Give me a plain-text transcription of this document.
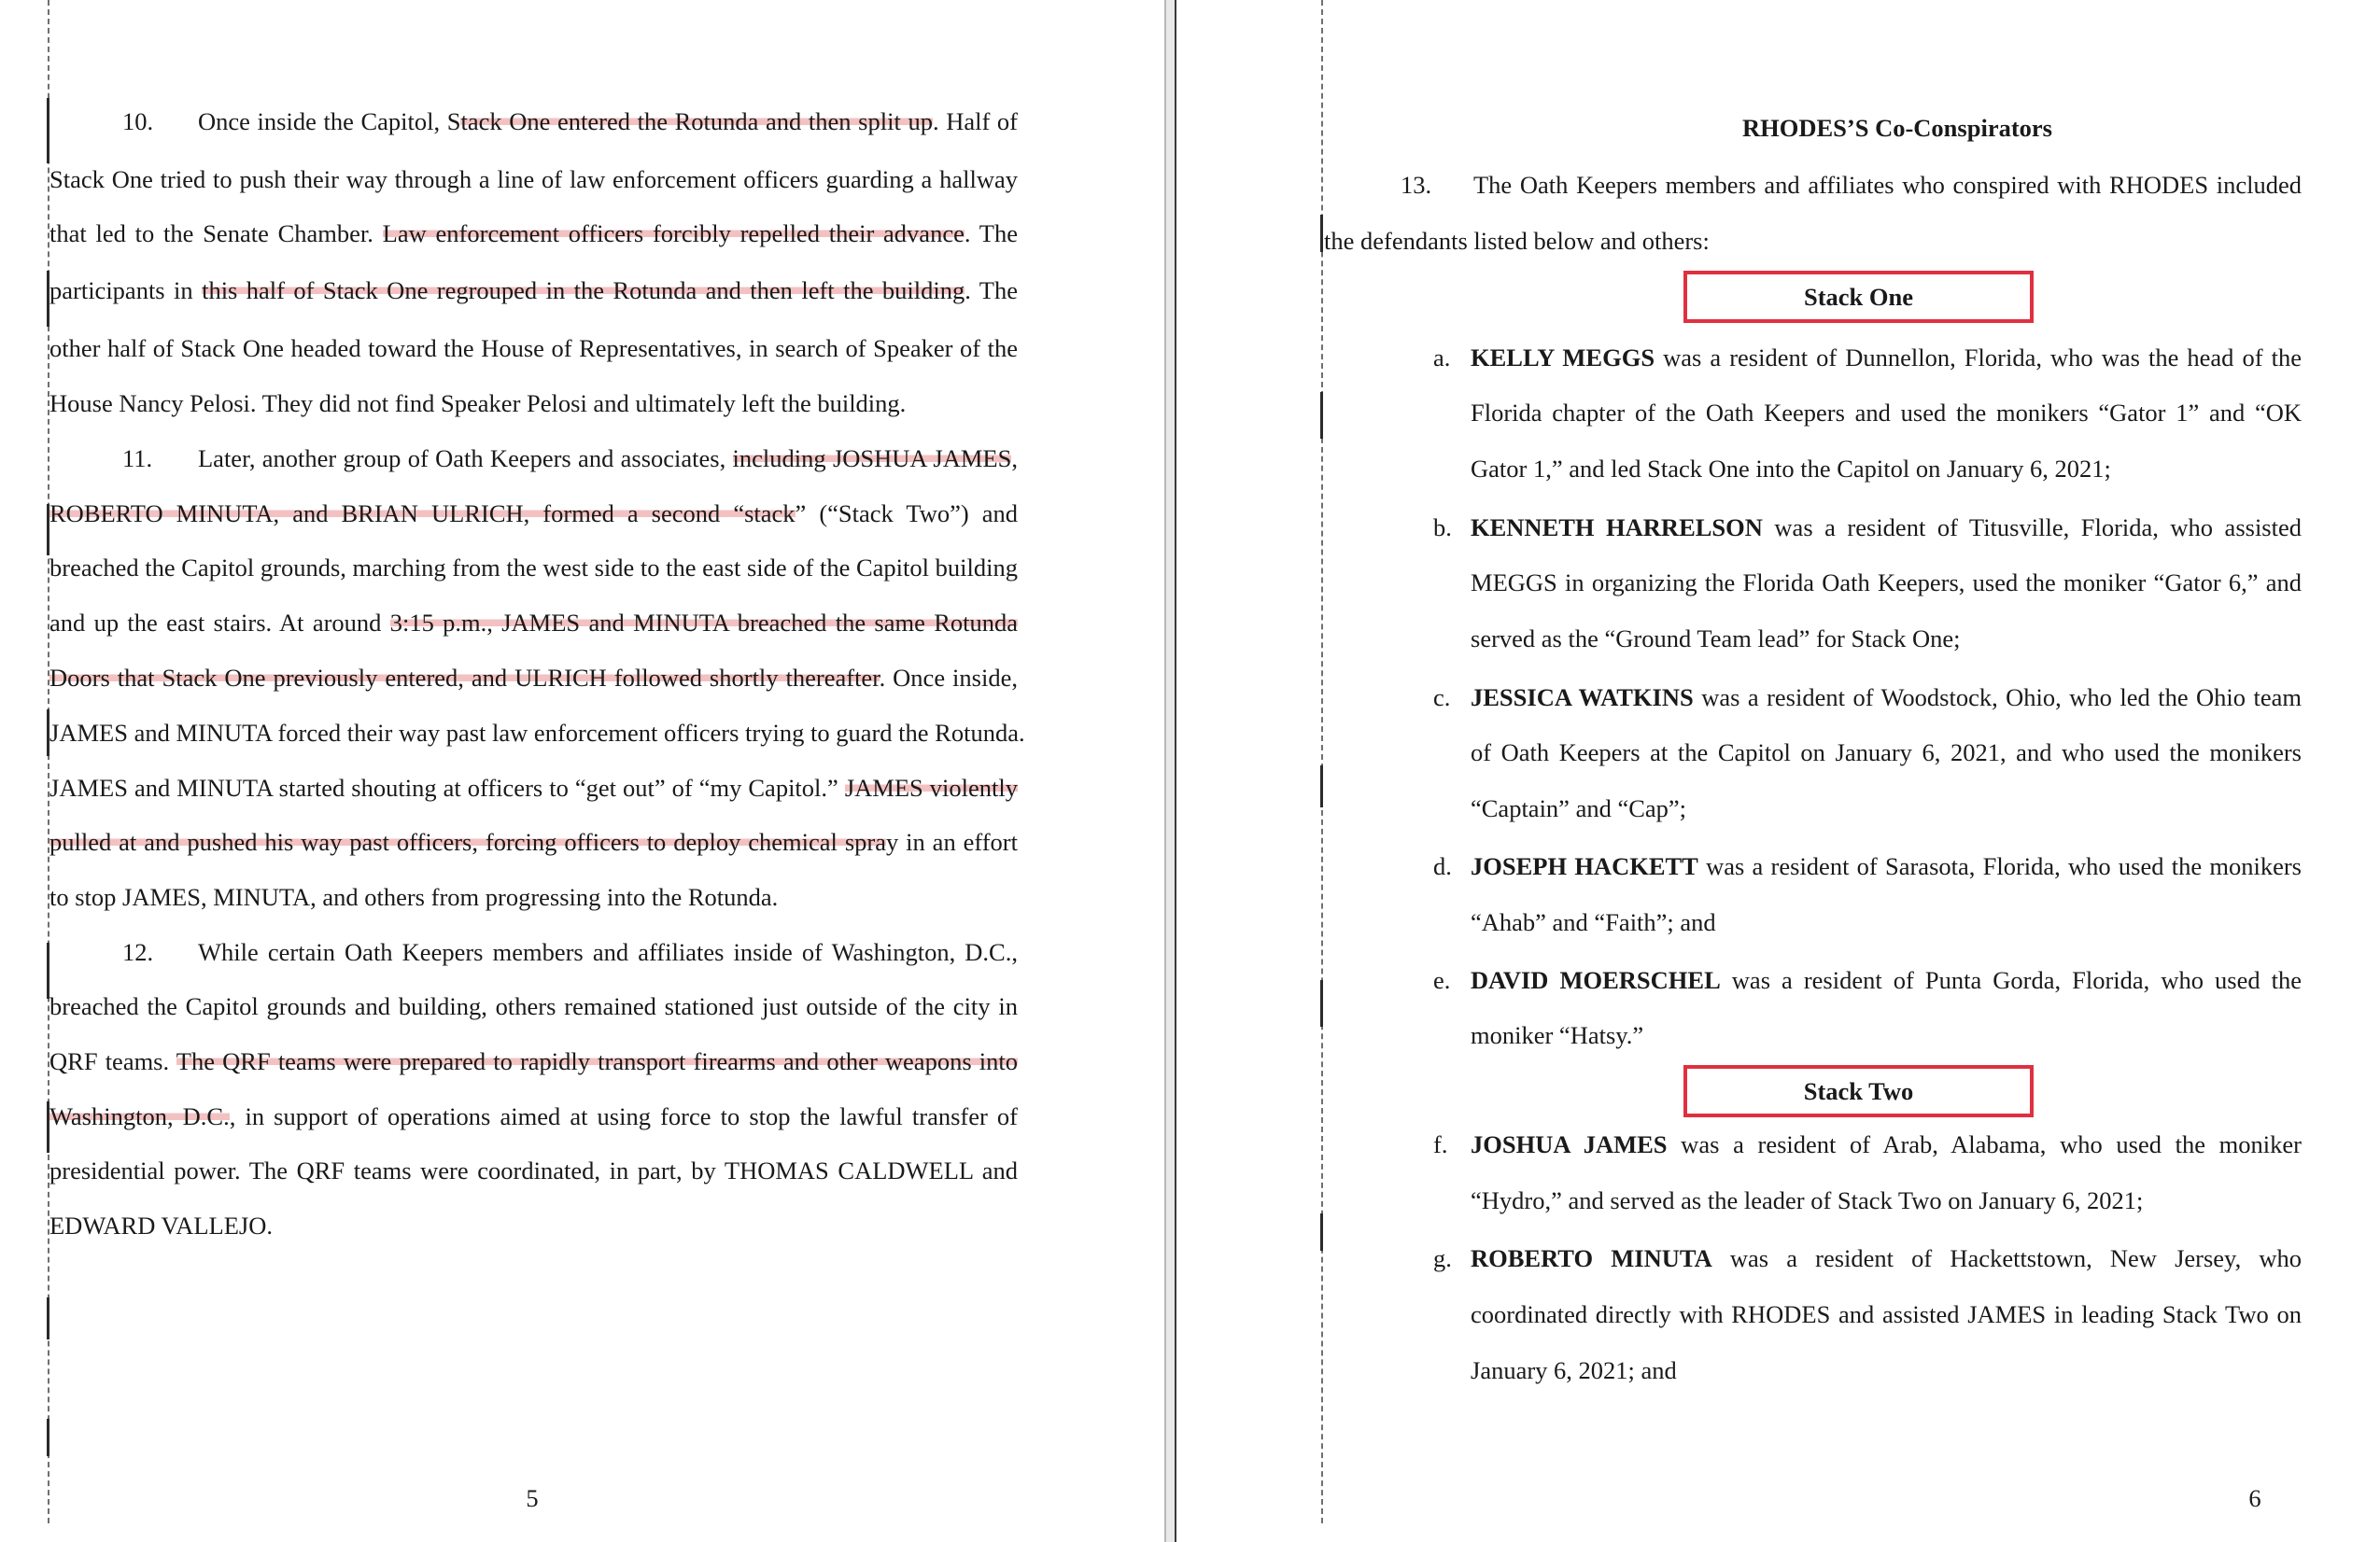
10. Once inside the Capitol, Stack One entered the Rotunda and then split up. Half of
Stack One tried to push their way through a line of law enforcement officers guarding a hallway
that led to the Senate Chamber. Law enforcement officers forcibly repelled their advance. The
participants in this half of Stack One regrouped in the Rotunda and then left the building. The
other half of Stack One headed toward the House of Representatives, in search of Speaker of the
House Nancy Pelosi. They did not find Speaker Pelosi and ultimately left the building.
11. Later, another group of Oath Keepers and associates, including JOSHUA JAMES,
ROBERTO MINUTA, and BRIAN ULRICH, formed a second “stack” (“Stack Two”) and
breached the Capitol grounds, marching from the west side to the east side of the Capitol building
and up the east stairs. At around 3:15 p.m., JAMES and MINUTA breached the same Rotunda
Doors that Stack One previously entered, and ULRICH followed shortly thereafter. Once inside,
JAMES and MINUTA forced their way past law enforcement officers trying to guard the Rotunda.
JAMES and MINUTA started shouting at officers to “get out” of “my Capitol.” JAMES violently
pulled at and pushed his way past officers, forcing officers to deploy chemical spray in an effort
to stop JAMES, MINUTA, and others from progressing into the Rotunda.
12. While certain Oath Keepers members and affiliates inside of Washington, D.C.,
breached the Capitol grounds and building, others remained stationed just outside of the city in
QRF teams. The QRF teams were prepared to rapidly transport firearms and other weapons into
Washington, D.C., in support of operations aimed at using force to stop the lawful transfer of
presidential power. The QRF teams were coordinated, in part, by THOMAS CALDWELL and
EDWARD VALLEJO.
5
RHODES’S Co-Conspirators
Stack One
Stack Two
13. The Oath Keepers members and affiliates who conspired with RHODES included
the defendants listed below and others:
a. KELLY MEGGS was a resident of Dunnellon, Florida, who was the head of the
Florida chapter of the Oath Keepers and used the monikers “Gator 1” and “OK
Gator 1,” and led Stack One into the Capitol on January 6, 2021;
b. KENNETH HARRELSON was a resident of Titusville, Florida, who assisted
MEGGS in organizing the Florida Oath Keepers, used the moniker “Gator 6,” and
served as the “Ground Team lead” for Stack One;
c. JESSICA WATKINS was a resident of Woodstock, Ohio, who led the Ohio team
of Oath Keepers at the Capitol on January 6, 2021, and who used the monikers
“Captain” and “Cap”;
d. JOSEPH HACKETT was a resident of Sarasota, Florida, who used the monikers
“Ahab” and “Faith”; and
e. DAVID MOERSCHEL was a resident of Punta Gorda, Florida, who used the
moniker “Hatsy.”
f. JOSHUA JAMES was a resident of Arab, Alabama, who used the moniker
“Hydro,” and served as the leader of Stack Two on January 6, 2021;
g. ROBERTO MINUTA was a resident of Hackettstown, New Jersey, who
coordinated directly with RHODES and assisted JAMES in leading Stack Two on
January 6, 2021; and
6
